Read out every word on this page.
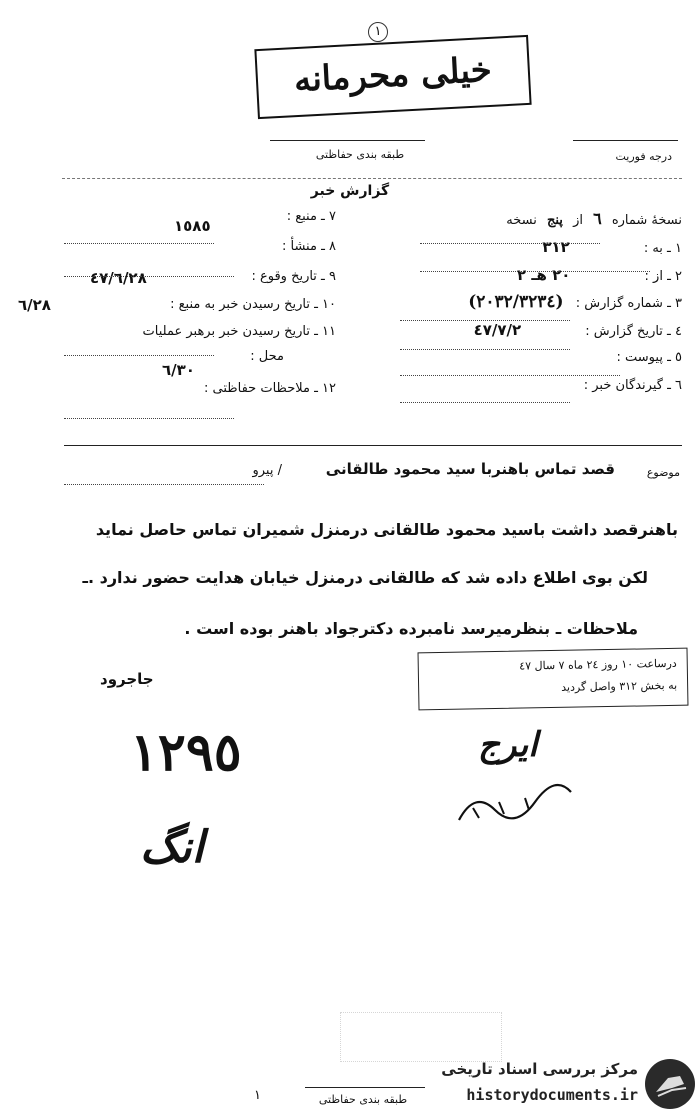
١
خیلی محرمانه
طبقه بندی حفاظتی	درجه فوریت
گزارش خبر
نسخهٔ شماره ٦ از پنج نسخه
١ ـ به : ٣١٢
٢ ـ از : ٢٠ هـ ٢
٣ ـ شماره گزارش : (٢٠٣٢/٣٢٣٤)
٤ ـ تاریخ گزارش : ٤٧/٧/٢
٥ ـ پیوست :
٦ ـ گیرندگان خبر :
٧ ـ منبع :
١٥٨٥
٨ ـ منشأ :
٩ ـ تاریخ وقوع :
٤٧/٦/٢٨
١٠ ـ تاریخ رسیدن خبر به منبع :
١١ ـ تاریخ رسیدن خبر برهبر عملیات
محل :
١٢ ـ ملاحظات حفاظتی :
٦/٢٨
٦/٣٠
موضوع
قصد تماس باهنربا سید محمود طالقانی
/ پیرو
باهنرقصد داشت باسید محمود طالقانی درمنزل شمیران تماس حاصل نماید
لکن بوی اطلاع داده شد که طالقانی درمنزل خیابان هدایت حضور ندارد .ـ
ملاحظات ـ بنظرمیرسد نامبرده دکترجواد باهنر بوده است .
درساعت ١٠ روز ٢٤ ماه ٧ سال ٤٧
به بخش ٣١٢ واصل گردید
جاجرود
١٢٩٥	ایرج
انگ
طبقه بندی حفاظتی
١
مرکز بررسی اسناد تاریخی
historydocuments.ir
